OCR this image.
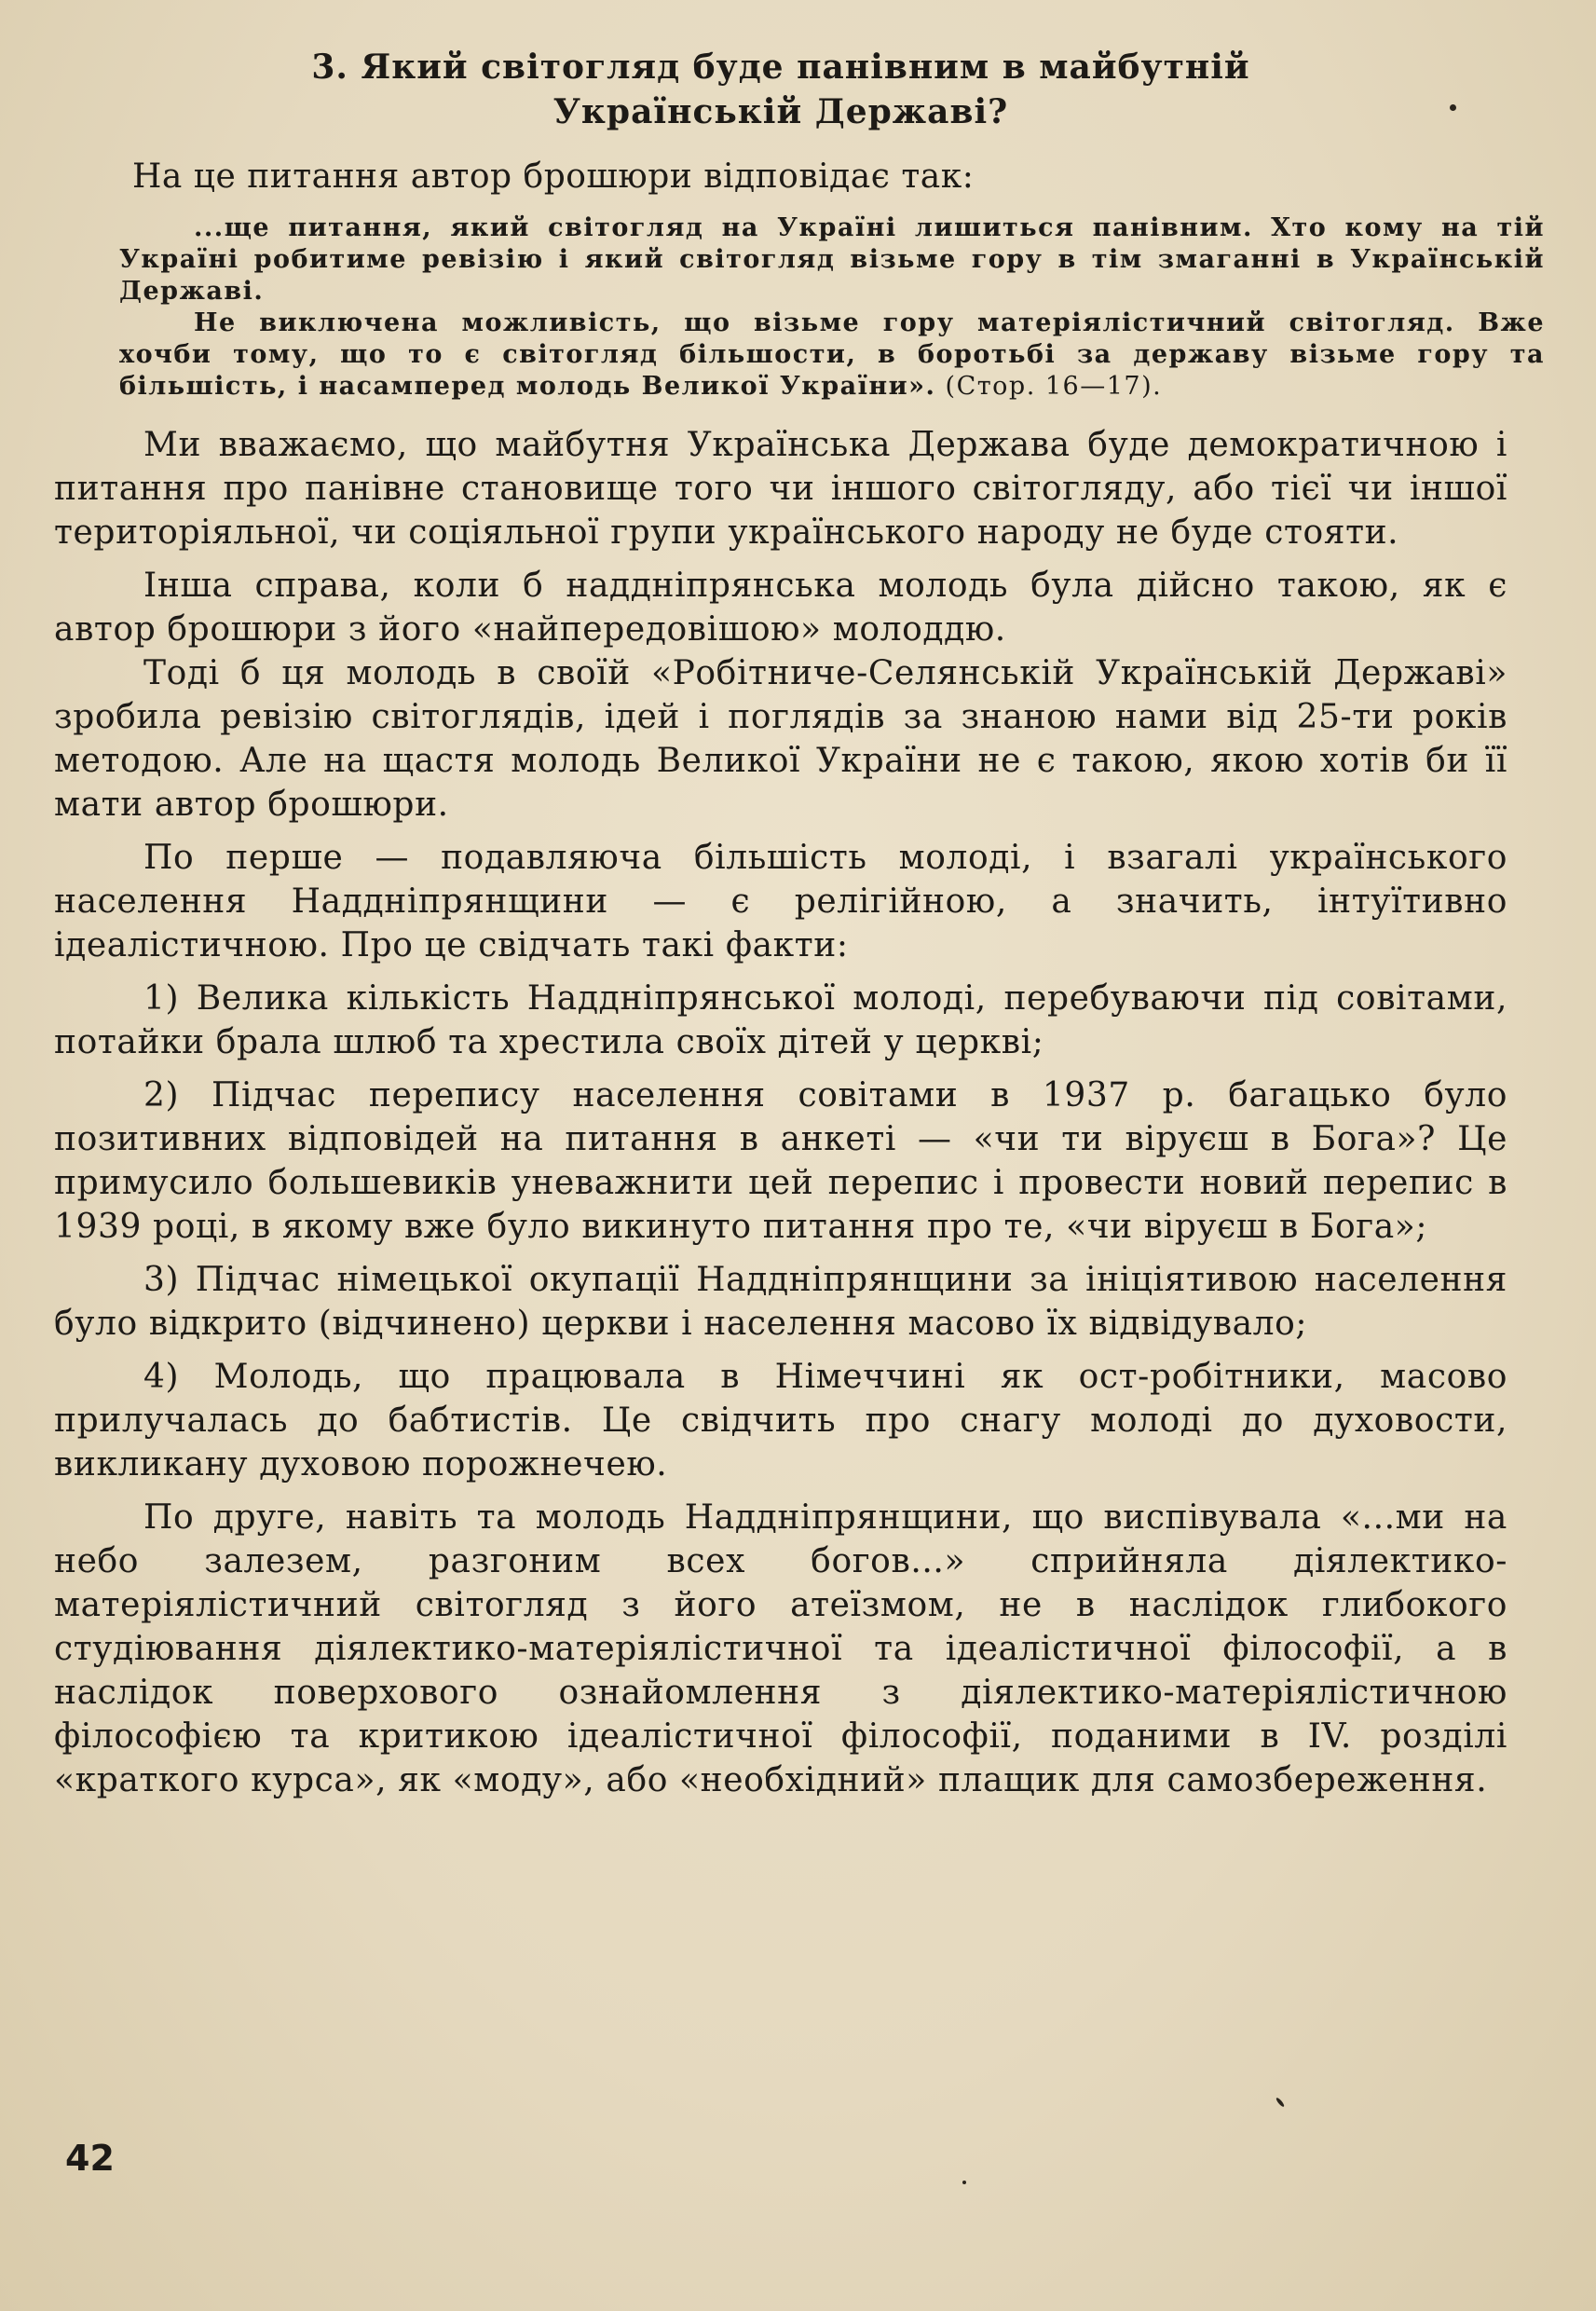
3. Який світогляд буде панівним в майбутній
Українській Державі?
На це питання автор брошюри відповідає так:

...ще питання, який світогляд на Україні лишиться панівним. Хто кому на тій Україні робитиме ревізію і який світогляд візьме гору в тім змаганні в Українській Державі.

Не виключена можливість, що візьме гору матеріялістичний світогляд. Вже хочби тому, що то є світогляд більшости, в боротьбі за державу візьме гору та більшість, і насамперед молодь Великої України». (Стор. 16—17).

Ми вважаємо, що майбутня Українська Держава буде демократичною і питання про панівне становище того чи іншого світогляду, або тієї чи іншої територіяльної, чи соціяльної групи українського народу не буде стояти.

Інша справа, коли б наддніпрянська молодь була дійсно такою, як є автор брошюри з його «найпередовішою» молоддю.

Тоді б ця молодь в своїй «Робітниче-Селянській Українській Державі» зробила ревізію світоглядів, ідей і поглядів за знаною нами від 25-ти років методою. Але на щастя молодь Великої України не є такою, якою хотів би її мати автор брошюри.

По перше — подавляюча більшість молоді, і взагалі українського населення Наддніпрянщини — є релігійною, а значить, інтуїтивно ідеалістичною. Про це свідчать такі факти:

1) Велика кількість Наддніпрянської молоді, перебуваючи під совітами, потайки брала шлюб та хрестила своїх дітей у церкві;

2) Підчас перепису населення совітами в 1937 р. багацько було позитивних відповідей на питання в анкеті — «чи ти віруєш в Бога»? Це примусило большевиків уневажнити цей перепис і провести новий перепис в 1939 році, в якому вже було викинуто питання про те, «чи віруєш в Бога»;

3) Підчас німецької окупації Наддніпрянщини за ініціятивою населення було відкрито (відчинено) церкви і населення масово їх відвідувало;

4) Молодь, що працювала в Німеччині як ост-робітники, масово прилучалась до бабтистів. Це свідчить про снагу молоді до духовости, викликану духовою порожнечею.

По друге, навіть та молодь Наддніпрянщини, що виспівувала «...ми на небо залезем, разгоним всех богов...» сприйняла діялектико-матеріялістичний світогляд з його атеїзмом, не в наслідок глибокого студіювання діялектико-матеріялістичної та ідеалістичної філософії, а в наслідок поверхового ознайомлення з діялектико-матеріялістичною філософією та критикою ідеалістичної філософії, поданими в IV. розділі «краткого курса», як «моду», або «необхідний» плащик для самозбереження.

42
